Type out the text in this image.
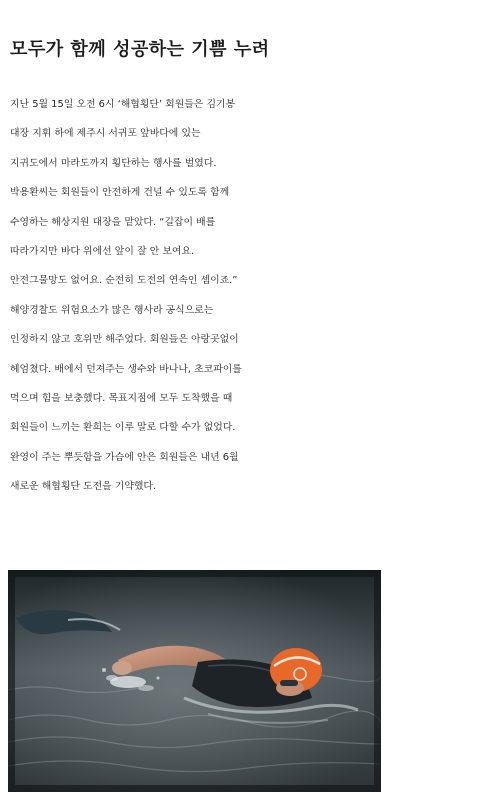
모두가 함께 성공하는 기쁨 누려
지난 5월 15일 오전 6시 ‘해협횡단’ 회원들은 김기봉
대장 지휘 하에 제주시 서귀포 앞바다에 있는
지귀도에서 마라도까지 횡단하는 행사를 벌였다.
박용환씨는 회원들이 안전하게 건널 수 있도록 함께
수영하는 해상지원 대장을 맡았다. “길잡이 배를
따라가지만 바다 위에선 앞이 잘 안 보여요.
안전그물망도 없어요. 순전히 도전의 연속인 셈이죠.”
해양경찰도 위험요소가 많은 행사라 공식으로는
인정하지 않고 호위만 해주었다. 회원들은 아랑곳없이
헤엄쳤다. 배에서 던져주는 생수와 바나나, 초코파이를
먹으며 힘을 보충했다. 목표지점에 모두 도착했을 때
회원들이 느끼는 환희는 이루 말로 다할 수가 없었다.
완영이 주는 뿌듯함을 가슴에 안은 회원들은 내년 6월
새로운 해협횡단 도전을 기약했다.
